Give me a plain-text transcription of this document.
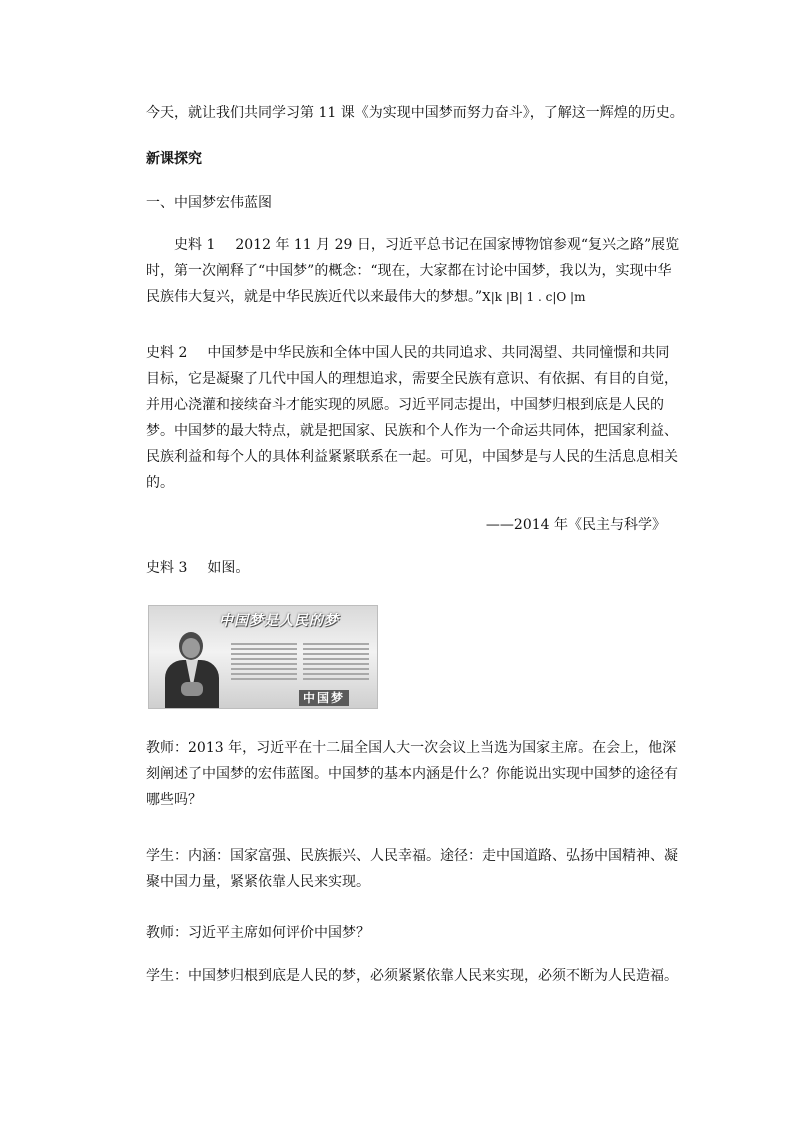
今天，就让我们共同学习第 11 课《为实现中国梦而努力奋斗》，了解这一辉煌的历史。

新课探究

一、中国梦宏伟蓝图

史料 1 2012 年 11 月 29 日，习近平总书记在国家博物馆参观“复兴之路”展览时，第一次阐释了“中国梦”的概念：“现在，大家都在讨论中国梦，我以为，实现中华民族伟大复兴，就是中华民族近代以来最伟大的梦想。”X|k |B| 1 . c|O |m
史料 2 中国梦是中华民族和全体中国人民的共同追求、共同渴望、共同憧憬和共同目标，它是凝聚了几代中国人的理想追求，需要全民族有意识、有依据、有目的自觉，并用心浇灌和接续奋斗才能实现的夙愿。习近平同志提出，中国梦归根到底是人民的梦。中国梦的最大特点，就是把国家、民族和个人作为一个命运共同体，把国家利益、民族利益和每个人的具体利益紧紧联系在一起。可见，中国梦是与人民的生活息息相关的。
——2014 年《民主与科学》
史料 3 如图。
中国梦是人民的梦
中国梦

教师：2013 年，习近平在十二届全国人大一次会议上当选为国家主席。在会上，他深刻阐述了中国梦的宏伟蓝图。中国梦的基本内涵是什么？你能说出实现中国梦的途径有哪些吗？

学生：内涵：国家富强、民族振兴、人民幸福。途径：走中国道路、弘扬中国精神、凝聚中国力量，紧紧依靠人民来实现。

教师：习近平主席如何评价中国梦？

学生：中国梦归根到底是人民的梦，必须紧紧依靠人民来实现，必须不断为人民造福。
